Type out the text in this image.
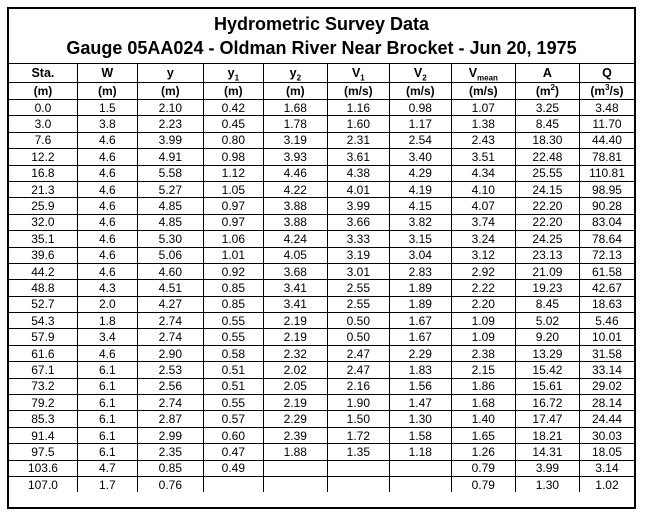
Hydrometric Survey Data
Gauge 05AA024 - Oldman River Near Brocket - Jun 20, 1975
Sta.	W	y	$y_1$	$y_2$	$V_1$	$V_2$	$V_{mean}$	A	Q
(m)	(m)	(m)	(m)	(m)	(m/s)	(m/s)	(m/s)	$(m^2)$	$(m^3/s)$
0.0	1.5	2.10	0.42	1.68	1.16	0.98	1.07	3.25	3.48
3.0	3.8	2.23	0.45	1.78	1.60	1.17	1.38	8.45	11.70
7.6	4.6	3.99	0.80	3.19	2.31	2.54	2.43	18.30	44.40
12.2	4.6	4.91	0.98	3.93	3.61	3.40	3.51	22.48	78.81
16.8	4.6	5.58	1.12	4.46	4.38	4.29	4.34	25.55	110.81
21.3	4.6	5.27	1.05	4.22	4.01	4.19	4.10	24.15	98.95
25.9	4.6	4.85	0.97	3.88	3.99	4.15	4.07	22.20	90.28
32.0	4.6	4.85	0.97	3.88	3.66	3.82	3.74	22.20	83.04
35.1	4.6	5.30	1.06	4.24	3.33	3.15	3.24	24.25	78.64
39.6	4.6	5.06	1.01	4.05	3.19	3.04	3.12	23.13	72.13
44.2	4.6	4.60	0.92	3.68	3.01	2.83	2.92	21.09	61.58
48.8	4.3	4.51	0.85	3.41	2.55	1.89	2.22	19.23	42.67
52.7	2.0	4.27	0.85	3.41	2.55	1.89	2.20	8.45	18.63
54.3	1.8	2.74	0.55	2.19	0.50	1.67	1.09	5.02	5.46
57.9	3.4	2.74	0.55	2.19	0.50	1.67	1.09	9.20	10.01
61.6	4.6	2.90	0.58	2.32	2.47	2.29	2.38	13.29	31.58
67.1	6.1	2.53	0.51	2.02	2.47	1.83	2.15	15.42	33.14
73.2	6.1	2.56	0.51	2.05	2.16	1.56	1.86	15.61	29.02
79.2	6.1	2.74	0.55	2.19	1.90	1.47	1.68	16.72	28.14
85.3	6.1	2.87	0.57	2.29	1.50	1.30	1.40	17.47	24.44
91.4	6.1	2.99	0.60	2.39	1.72	1.58	1.65	18.21	30.03
97.5	6.1	2.35	0.47	1.88	1.35	1.18	1.26	14.31	18.05
103.6	4.7	0.85	0.49				0.79	3.99	3.14
107.0	1.7	0.76					0.79	1.30	1.02
